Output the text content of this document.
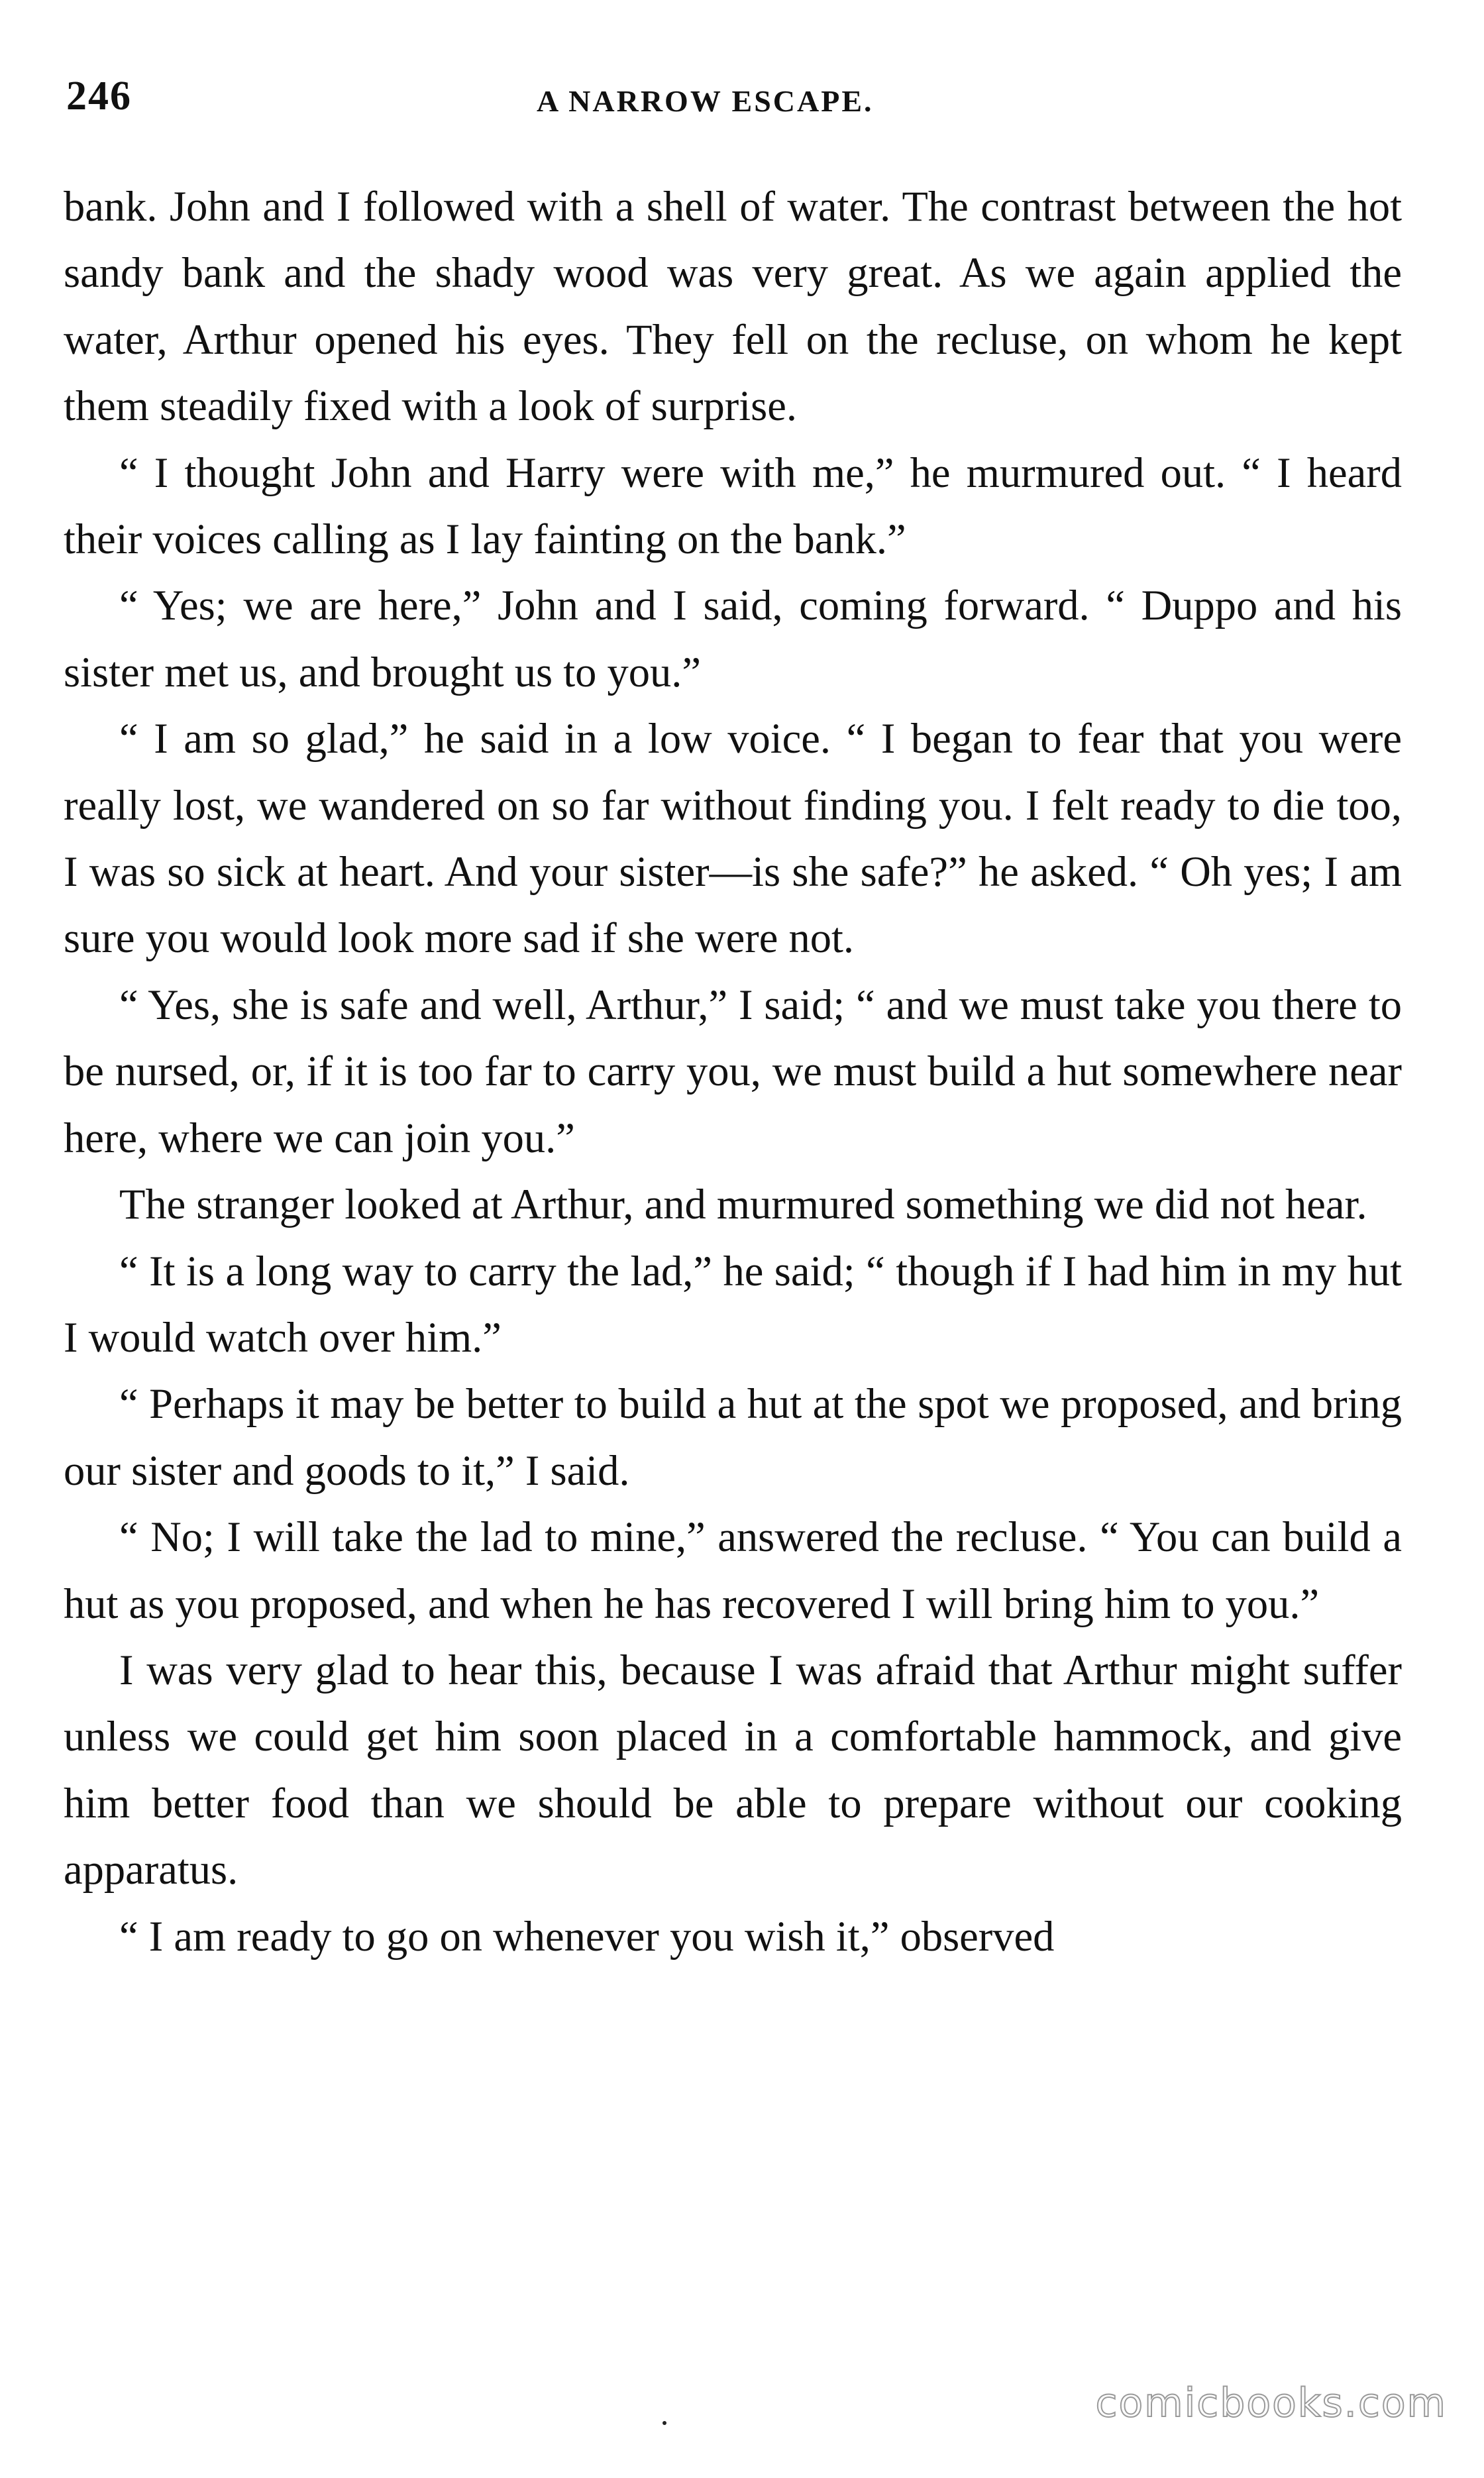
246	A NARROW ESCAPE.

bank. John and I followed with a shell of water. The contrast between the hot sandy bank and the shady wood was very great. As we again applied the water, Arthur opened his eyes. They fell on the recluse, on whom he kept them steadily fixed with a look of surprise.

“ I thought John and Harry were with me,” he murmured out. “ I heard their voices calling as I lay fainting on the bank.”

“ Yes; we are here,” John and I said, coming forward. “ Duppo and his sister met us, and brought us to you.”

“ I am so glad,” he said in a low voice. “ I began to fear that you were really lost, we wandered on so far without finding you. I felt ready to die too, I was so sick at heart. And your sister—is she safe?” he asked. “ Oh yes; I am sure you would look more sad if she were not.

“ Yes, she is safe and well, Arthur,” I said; “ and we must take you there to be nursed, or, if it is too far to carry you, we must build a hut somewhere near here, where we can join you.”

The stranger looked at Arthur, and murmured something we did not hear.

“ It is a long way to carry the lad,” he said; “ though if I had him in my hut I would watch over him.”

“ Perhaps it may be better to build a hut at the spot we proposed, and bring our sister and goods to it,” I said.

“ No; I will take the lad to mine,” answered the recluse. “ You can build a hut as you proposed, and when he has recovered I will bring him to you.”

I was very glad to hear this, because I was afraid that Arthur might suffer unless we could get him soon placed in a comfortable hammock, and give him better food than we should be able to prepare without our cooking apparatus.

“ I am ready to go on whenever you wish it,” observed

comicbooks.com
